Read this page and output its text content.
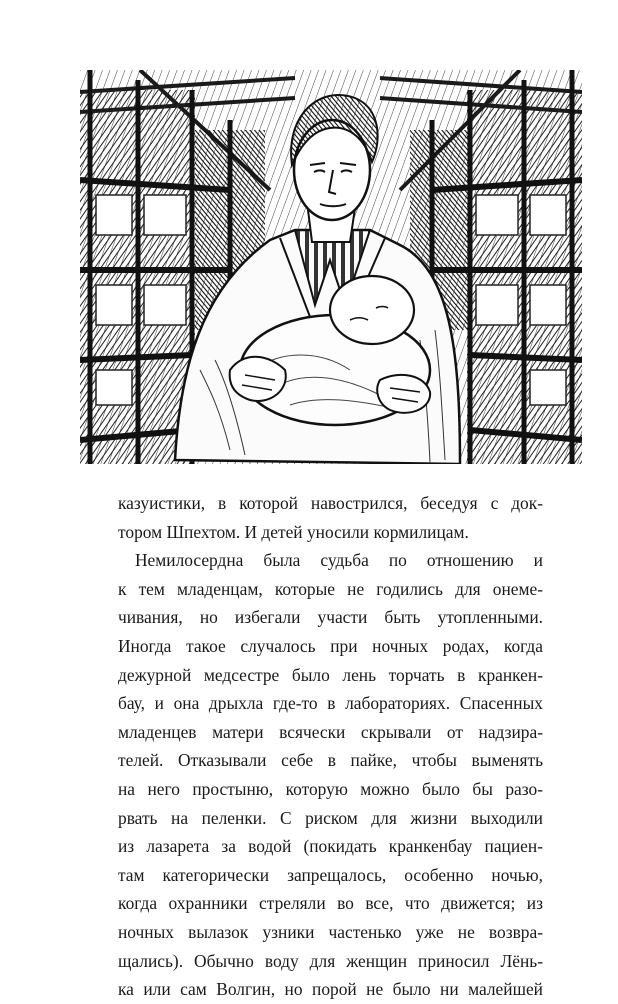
казуистики, в которой навострился, беседуя с док-
тором Шпехтом. И детей уносили кормилицам.
Немилосердна была судьба по отношению и
к тем младенцам, которые не годились для онеме-
чивания, но избегали участи быть утопленными.
Иногда такое случалось при ночных родах, когда
дежурной медсестре было лень торчать в кранкен-
бау, и она дрыхла где-то в лабораториях. Спасенных
младенцев матери всячески скрывали от надзира-
телей. Отказывали себе в пайке, чтобы выменять
на него простыню, которую можно было бы разо-
рвать на пеленки. С риском для жизни выходили
из лазарета за водой (покидать кранкенбау пациен-
там категорически запрещалось, особенно ночью,
когда охранники стреляли во все, что движется; из
ночных вылазок узники частенько уже не возвра-
щались). Обычно воду для женщин приносил Лёнь-
ка или сам Волгин, но порой не было ни малейшей
